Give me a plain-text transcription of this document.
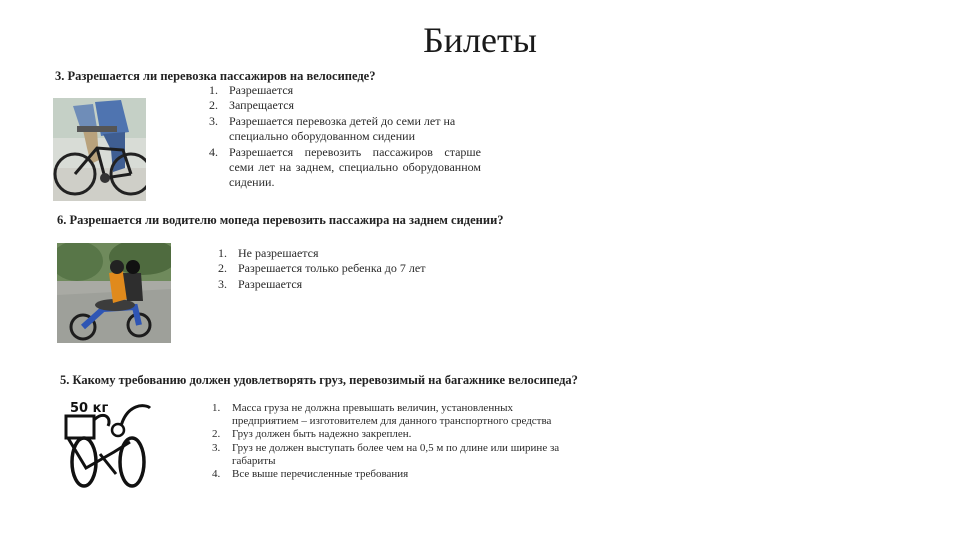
Билеты
3. Разрешается ли перевозка пассажиров на велосипеде?
1. Разрешается
2. Запрещается
3. Разрешается перевозка детей до семи лет на специально оборудованном сидении
4. Разрешается перевозить пассажиров старше семи лет на заднем, специально оборудованном сидении.
6. Разрешается ли водителю мопеда перевозить пассажира на заднем сидении?
1. Не разрешается
2. Разрешается только ребенка до 7 лет
3. Разрешается
5. Какому требованию должен удовлетворять груз, перевозимый на багажнике велосипеда?
50 кг	1.	Масса груза не должна превышать величин, установленных предприятием – изготовителем для данного транспортного средства
2.	Груз должен быть надежно закреплен.
3.	Груз не должен выступать более чем на 0,5 м по длине или ширине за габариты
4.	Все выше перечисленные требования
